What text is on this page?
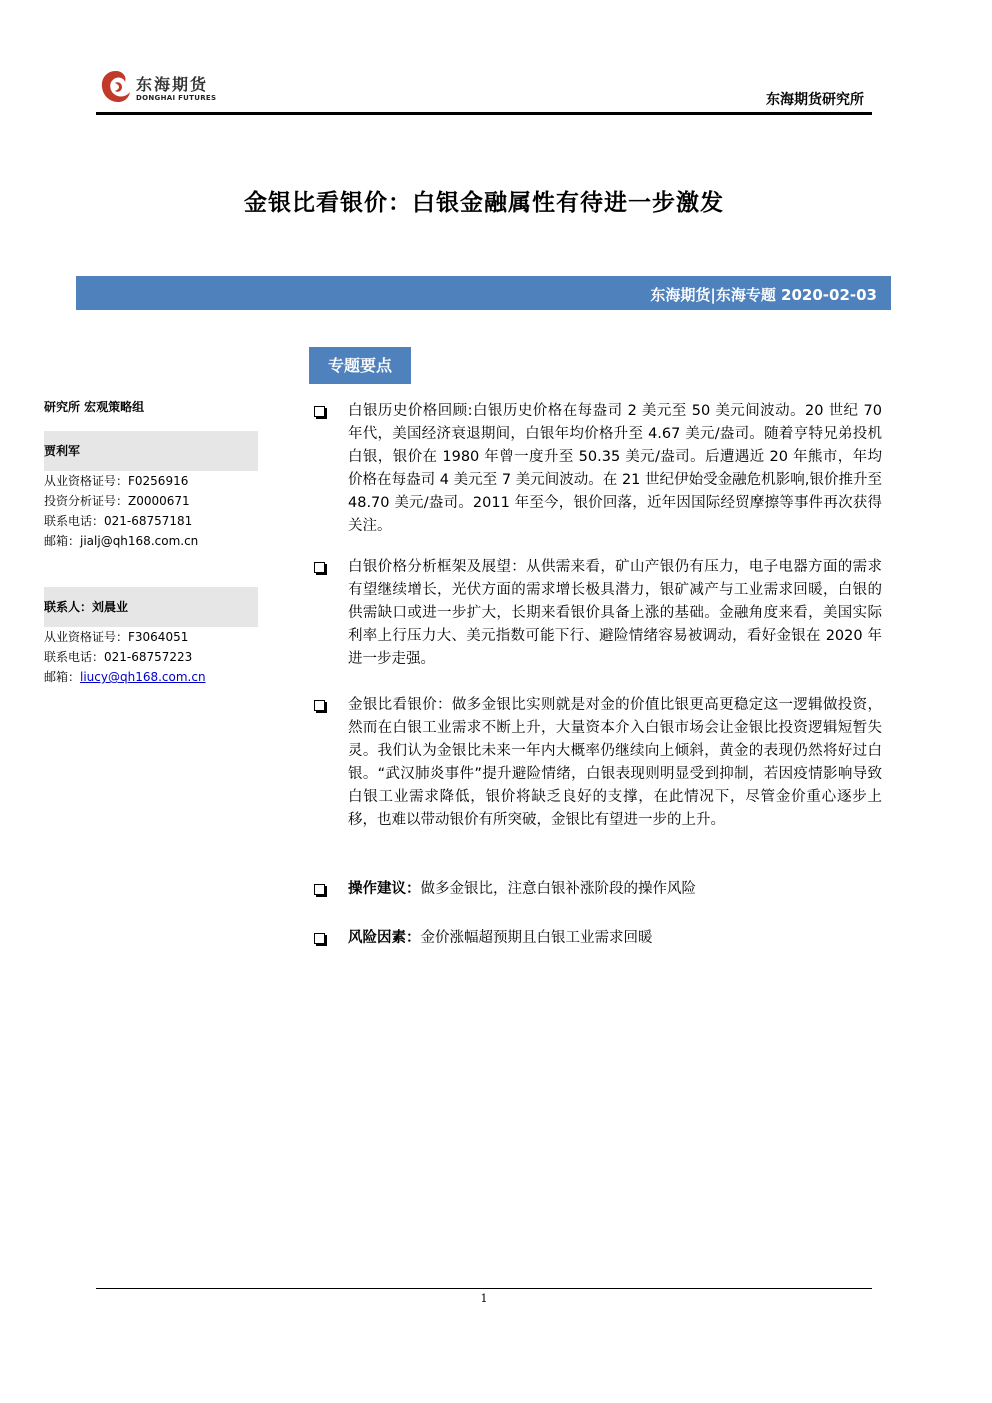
东海期货
DONGHAI FUTURES	东海期货研究所
金银比看银价：白银金融属性有待进一步激发
东海期货|东海专题 2020-02-03
研究所 宏观策略组
贾利军
从业资格证号：F0256916
投资分析证号：Z0000671
联系电话：021-68757181
邮箱：jialj@qh168.com.cn
联系人：刘晨业
从业资格证号：F3064051
联系电话：021-68757223
邮箱：liucy@qh168.com.cn
专题要点
白银历史价格回顾:白银历史价格在每盎司 2 美元至 50 美元间波动。20 世纪 70 年代，美国经济衰退期间，白银年均价格升至 4.67 美元/盎司。随着亨特兄弟投机白银，银价在 1980 年曾一度升至 50.35 美元/盎司。后遭遇近 20 年熊市，年均价格在每盎司 4 美元至 7 美元间波动。在 21 世纪伊始受金融危机影响,银价推升至 48.70 美元/盎司。2011 年至今，银价回落，近年因国际经贸摩擦等事件再次获得关注。
白银价格分析框架及展望：从供需来看，矿山产银仍有压力，电子电器方面的需求有望继续增长，光伏方面的需求增长极具潜力，银矿减产与工业需求回暖，白银的供需缺口或进一步扩大，长期来看银价具备上涨的基础。金融角度来看，美国实际利率上行压力大、美元指数可能下行、避险情绪容易被调动，看好金银在 2020 年进一步走强。
金银比看银价：做多金银比实则就是对金的价值比银更高更稳定这一逻辑做投资，然而在白银工业需求不断上升，大量资本介入白银市场会让金银比投资逻辑短暂失灵。我们认为金银比未来一年内大概率仍继续向上倾斜，黄金的表现仍然将好过白银。“武汉肺炎事件”提升避险情绪，白银表现则明显受到抑制，若因疫情影响导致白银工业需求降低，银价将缺乏良好的支撑，在此情况下，尽管金价重心逐步上移，也难以带动银价有所突破，金银比有望进一步的上升。
操作建议：做多金银比，注意白银补涨阶段的操作风险
风险因素：金价涨幅超预期且白银工业需求回暖
1
